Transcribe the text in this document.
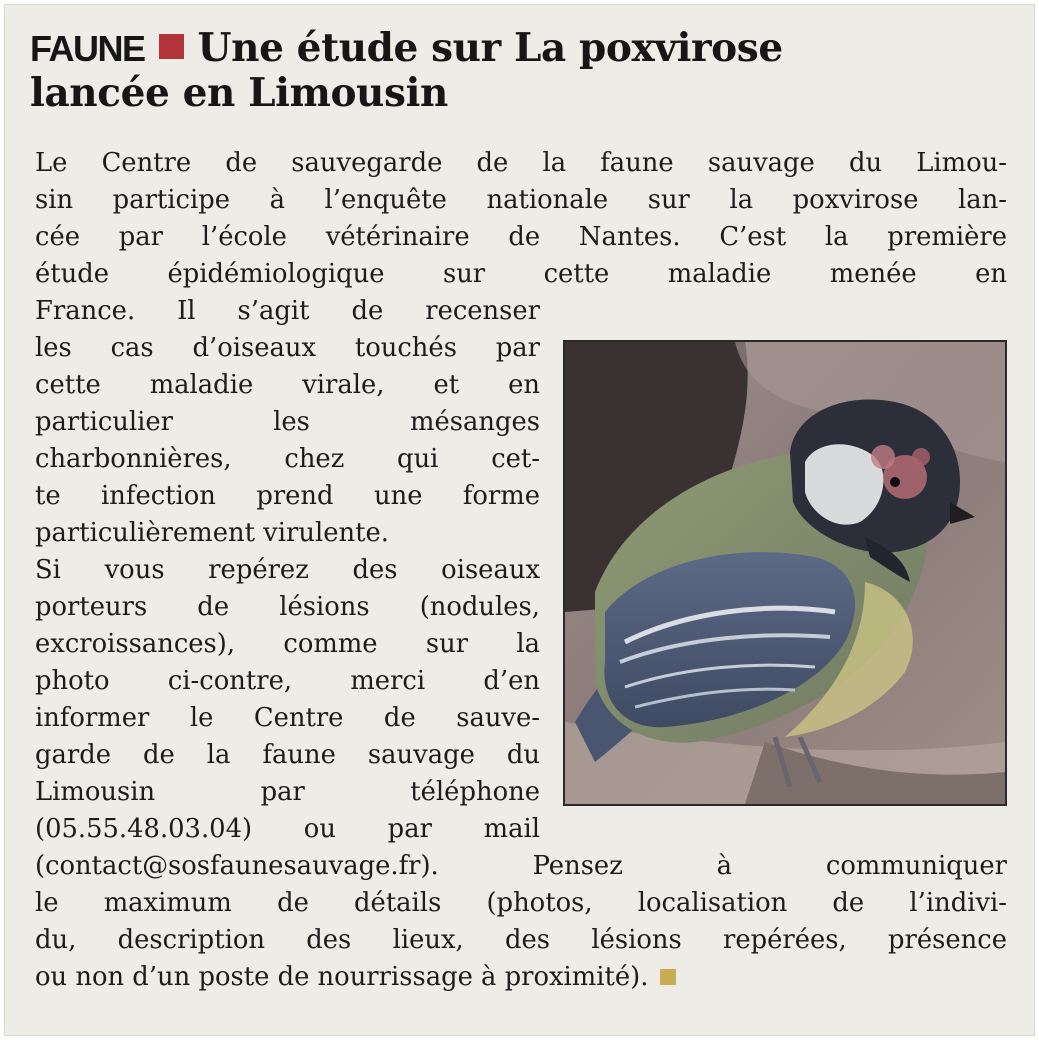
FAUNE Une étude sur La poxvirose
lancée en Limousin
Le Centre de sauvegarde de la faune sauvage du Limou-
sin participe à l’enquête nationale sur la poxvirose lan-
cée par l’école vétérinaire de Nantes. C’est la première
étude épidémiologique sur cette maladie menée en
France. Il s’agit de recenser
les cas d’oiseaux touchés par
cette maladie virale, et en
particulier les mésanges
charbonnières, chez qui cet-
te infection prend une forme
particulièrement virulente.
Si vous repérez des oiseaux
porteurs de lésions (nodules,
excroissances), comme sur la
photo ci-contre, merci d’en
informer le Centre de sauve-
garde de la faune sauvage du
Limousin par téléphone
(05.55.48.03.04) ou par mail
(contact@sosfaunesauvage.fr). Pensez à communiquer
le maximum de détails (photos, localisation de l’indivi-
du, description des lieux, des lésions repérées, présence
ou non d’un poste de nourrissage à proximité).
